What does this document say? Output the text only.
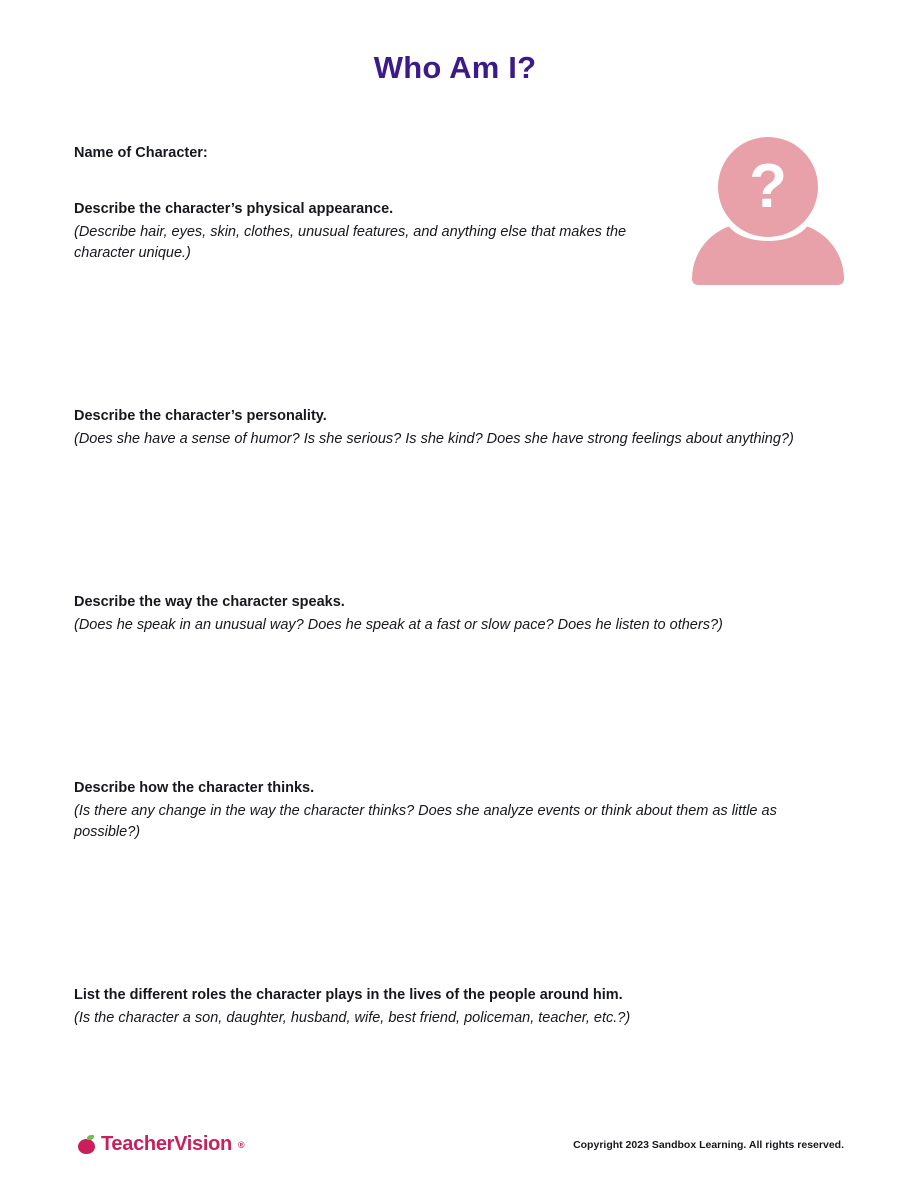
Who Am I?
?
Name of Character:
Describe the character’s physical appearance.
(Describe hair, eyes, skin, clothes, unusual features, and anything else that makes the character unique.)
Describe the character’s personality.
(Does she have a sense of humor? Is she serious? Is she kind? Does she have strong feelings about anything?)
Describe the way the character speaks.
(Does he speak in an unusual way? Does he speak at a fast or slow pace? Does he listen to others?)
Describe how the character thinks.
(Is there any change in the way the character thinks? Does she analyze events or think about them as little as possible?)
List the different roles the character plays in the lives of the people around him.
(Is the character a son, daughter, husband, wife, best friend, policeman, teacher, etc.?)
TeacherVision ®	Copyright 2023 Sandbox Learning. All rights reserved.
